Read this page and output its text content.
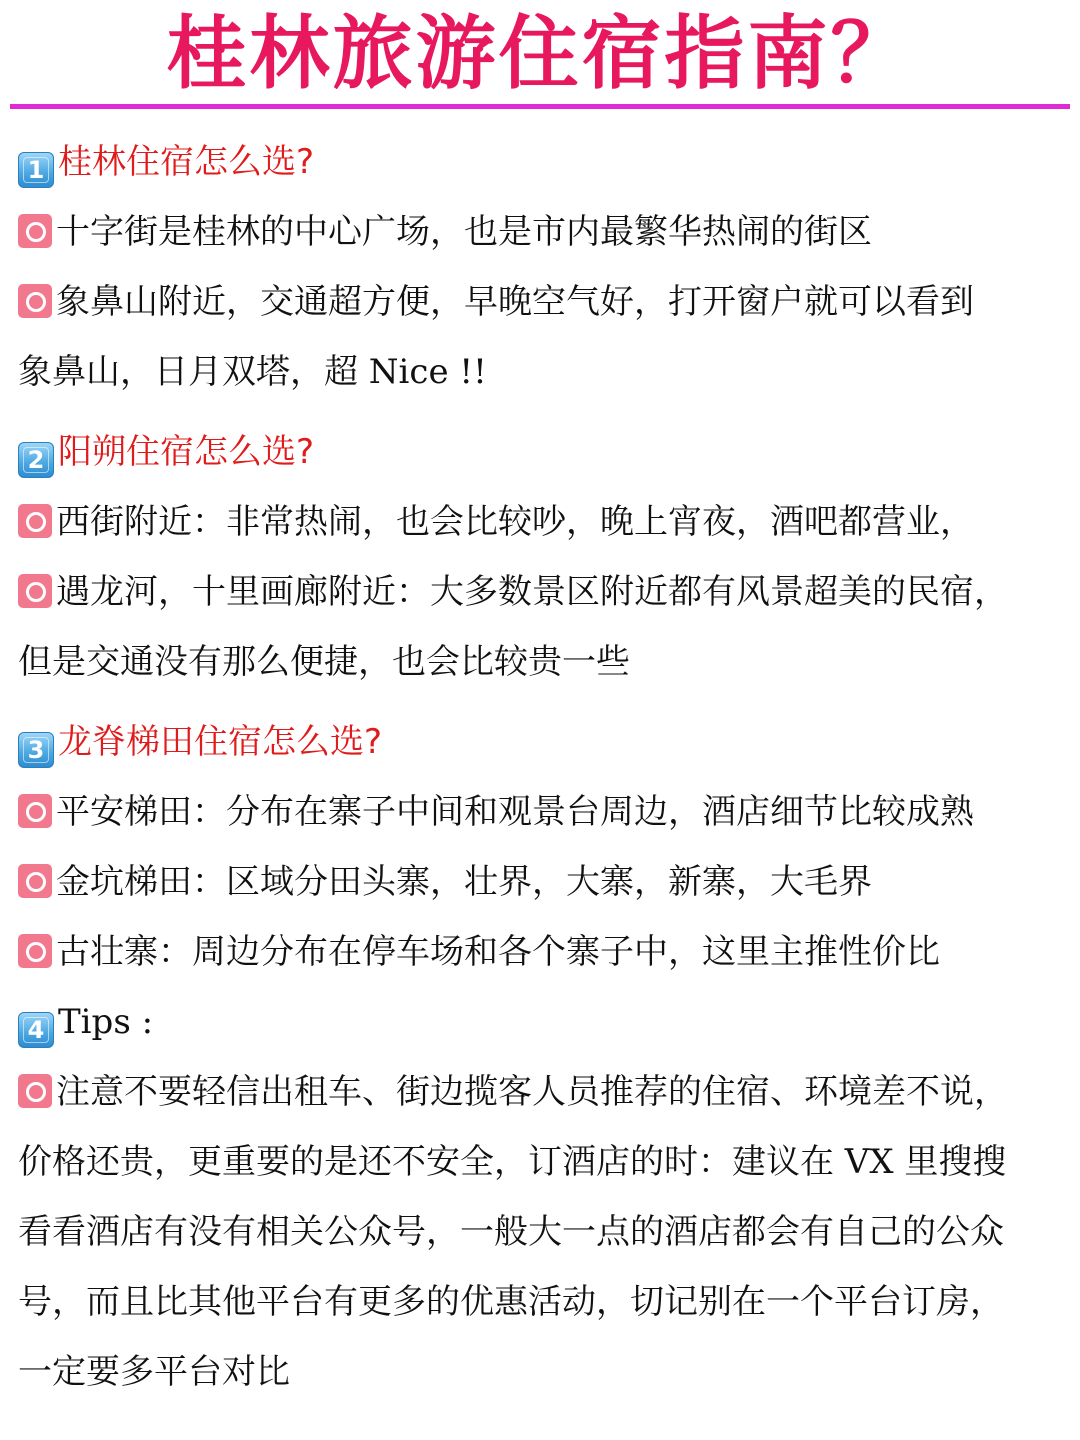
桂林旅游住宿指南？
1 桂林住宿怎么选?
十字街是桂林的中心广场，也是市内最繁华热闹的街区
象鼻山附近，交通超方便，早晚空气好，打开窗户就可以看到
象鼻山，日月双塔，超 Nice !!
2 阳朔住宿怎么选?
西街附近：非常热闹，也会比较吵，晚上宵夜，酒吧都营业，
遇龙河，十里画廊附近：大多数景区附近都有风景超美的民宿，
但是交通没有那么便捷，也会比较贵一些
3 龙脊梯田住宿怎么选?
平安梯田：分布在寨子中间和观景台周边，酒店细节比较成熟
金坑梯田：区域分田头寨，壮界，大寨，新寨，大毛界
古壮寨：周边分布在停车场和各个寨子中，这里主推性价比
4 Tips :
注意不要轻信出租车、街边揽客人员推荐的住宿、环境差不说，
价格还贵，更重要的是还不安全，订酒店的时：建议在 VX 里搜搜
看看酒店有没有相关公众号，一般大一点的酒店都会有自己的公众
号，而且比其他平台有更多的优惠活动，切记别在一个平台订房，
一定要多平台对比
